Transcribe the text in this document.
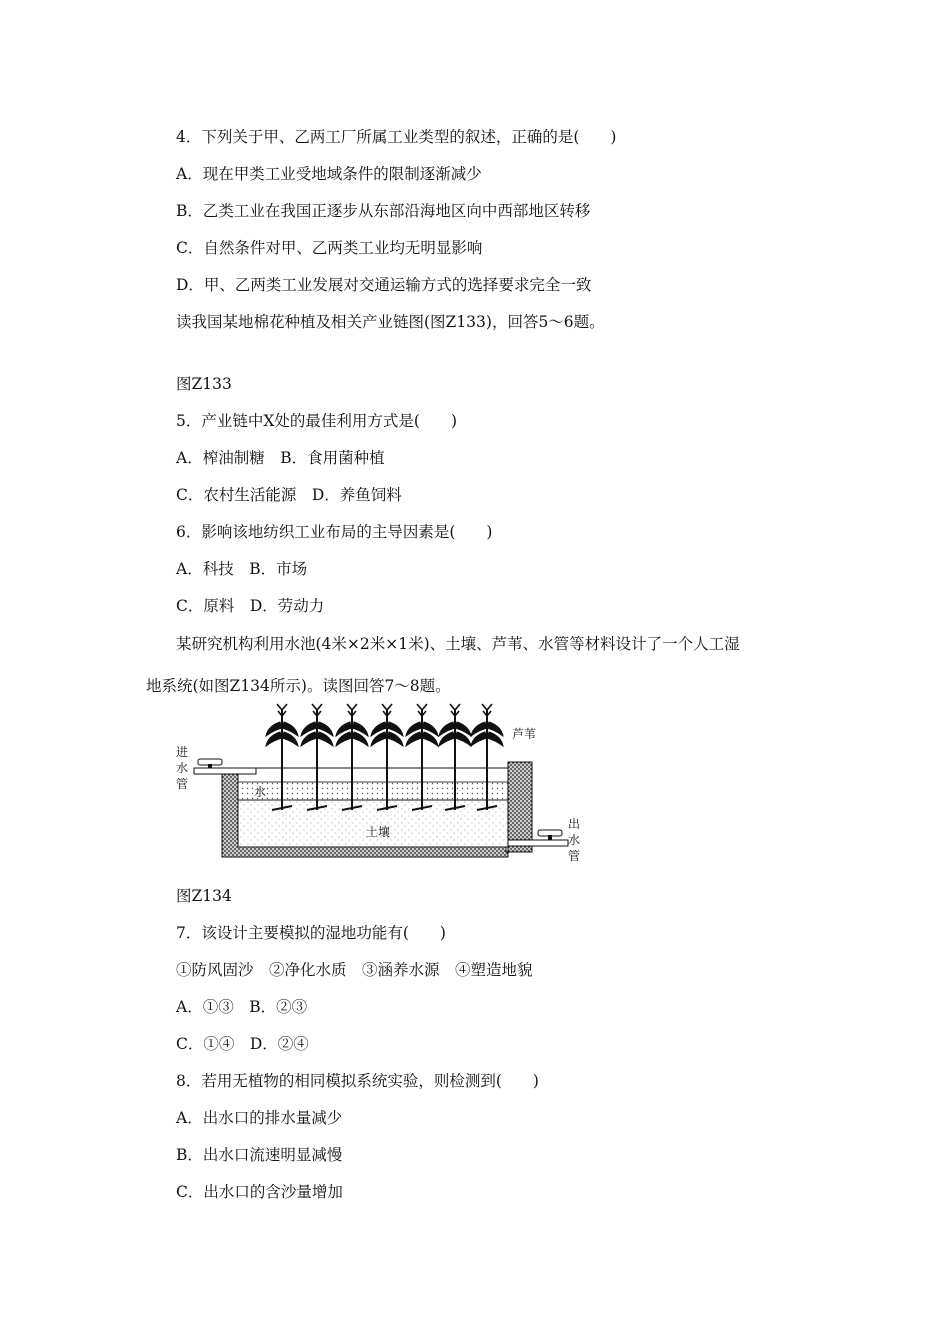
4．下列关于甲、乙两工厂所属工业类型的叙述，正确的是(　　)
A．现在甲类工业受地域条件的限制逐渐减少
B．乙类工业在我国正逐步从东部沿海地区向中西部地区转移
C．自然条件对甲、乙两类工业均无明显影响
D．甲、乙两类工业发展对交通运输方式的选择要求完全一致
读我国某地棉花种植及相关产业链图(图Z133)，回答5～6题。
图Z133
5．产业链中X处的最佳利用方式是(　　)
A．榨油制糖　B．食用菌种植
C．农村生活能源　D．养鱼饲料
6．影响该地纺织工业布局的主导因素是(　　)
A．科技　B．市场
C．原料　D．劳动力
某研究机构利用水池(4米×2米×1米)、土壤、芦苇、水管等材料设计了一个人工湿
地系统(如图Z134所示)。读图回答7～8题。
芦苇
进
水
管
水
土壤
出
水
管
图Z134
7．该设计主要模拟的湿地功能有(　　)
①防风固沙　②净化水质　③涵养水源　④塑造地貌
A．①③　B．②③
C．①④　D．②④
8．若用无植物的相同模拟系统实验，则检测到(　　)
A．出水口的排水量减少
B．出水口流速明显减慢
C．出水口的含沙量增加
